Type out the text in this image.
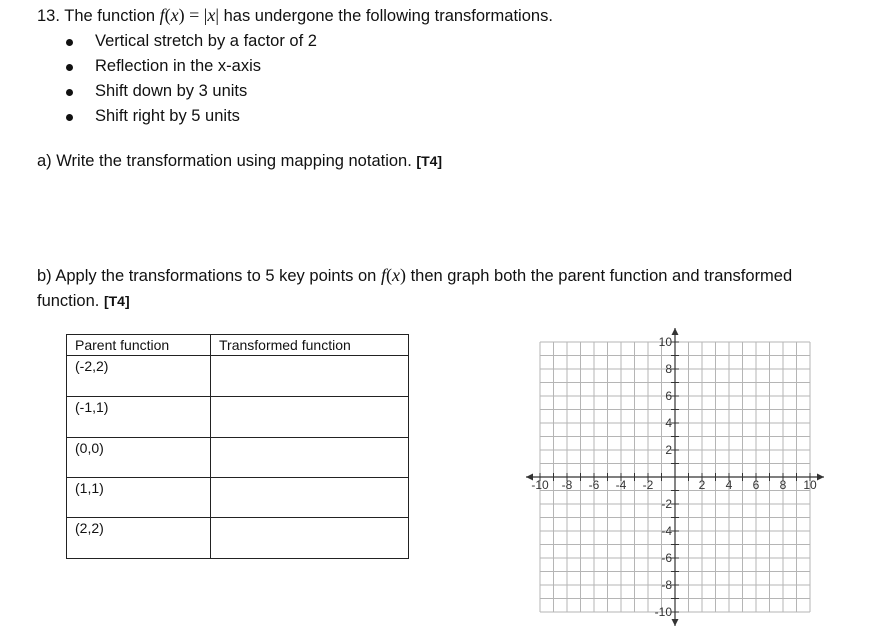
13. The function f(x) = |x| has undergone the following transformations.
Vertical stretch by a factor of 2
Reflection in the x-axis
Shift down by 3 units
Shift right by 5 units
a) Write the transformation using mapping notation. [T4]
b) Apply the transformations to 5 key points on f(x) then graph both the parent function and transformed function. [T4]
Parent function	Transformed function
(-2,2)	
(-1,1)	
(0,0)	
(1,1)	
(2,2)	
-10 -8 -6 -4 -2	2 4 6 8 10
10
8
6
4
2
-2
-4
-6
-8
-10
